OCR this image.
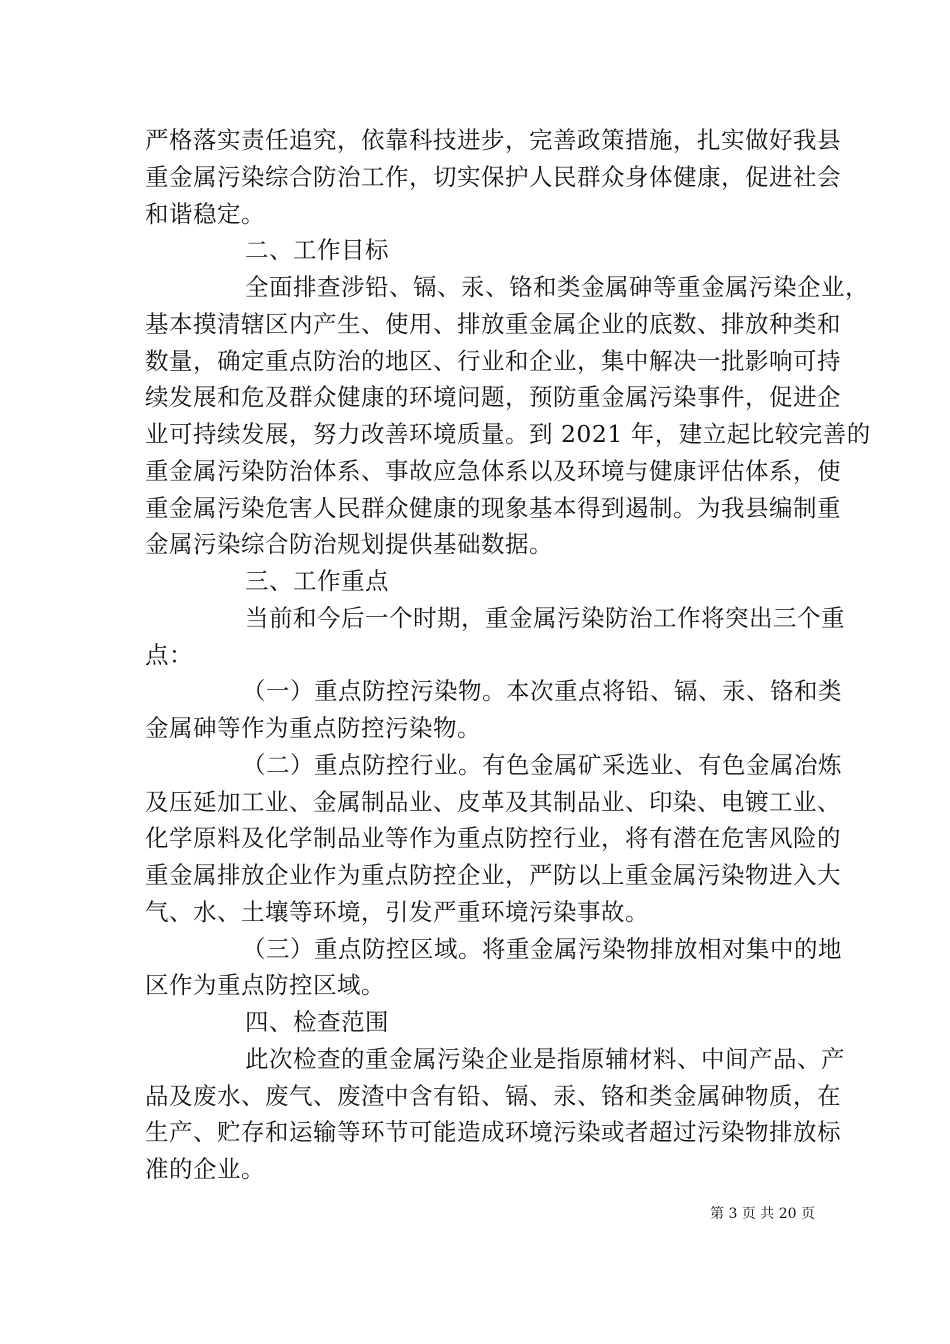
严格落实责任追究，依靠科技进步，完善政策措施，扎实做好我县
重金属污染综合防治工作，切实保护人民群众身体健康，促进社会
和谐稳定。
二、工作目标
全面排查涉铅、镉、汞、铬和类金属砷等重金属污染企业，
基本摸清辖区内产生、使用、排放重金属企业的底数、排放种类和
数量，确定重点防治的地区、行业和企业，集中解决一批影响可持
续发展和危及群众健康的环境问题，预防重金属污染事件，促进企
业可持续发展，努力改善环境质量。到 2021 年，建立起比较完善的
重金属污染防治体系、事故应急体系以及环境与健康评估体系，使
重金属污染危害人民群众健康的现象基本得到遏制。为我县编制重
金属污染综合防治规划提供基础数据。
三、工作重点
当前和今后一个时期，重金属污染防治工作将突出三个重
点：
（一）重点防控污染物。本次重点将铅、镉、汞、铬和类
金属砷等作为重点防控污染物。
（二）重点防控行业。有色金属矿采选业、有色金属冶炼
及压延加工业、金属制品业、皮革及其制品业、印染、电镀工业、
化学原料及化学制品业等作为重点防控行业，将有潜在危害风险的
重金属排放企业作为重点防控企业，严防以上重金属污染物进入大
气、水、土壤等环境，引发严重环境污染事故。
（三）重点防控区域。将重金属污染物排放相对集中的地
区作为重点防控区域。
四、检查范围
此次检查的重金属污染企业是指原辅材料、中间产品、产
品及废水、废气、废渣中含有铅、镉、汞、铬和类金属砷物质，在
生产、贮存和运输等环节可能造成环境污染或者超过污染物排放标
准的企业。
第 3 页 共 20 页
